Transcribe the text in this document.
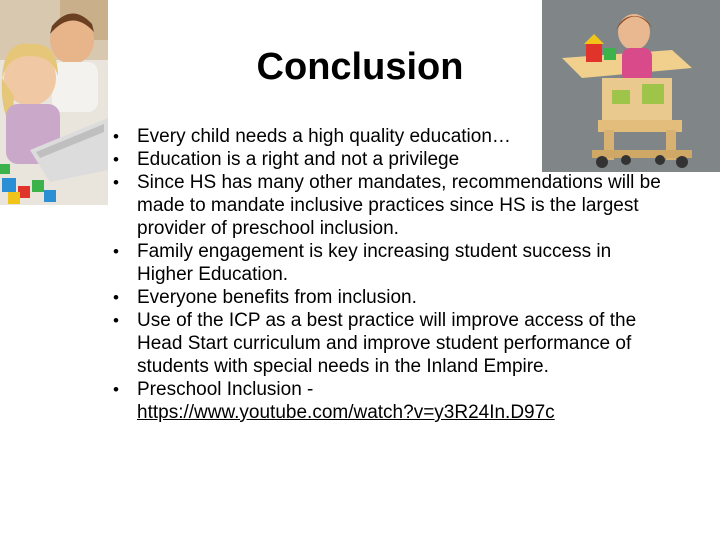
Conclusion
• Every child needs a high quality education…
• Education is a right and not a privilege
• Since HS has many other mandates, recommendations will be made to mandate inclusive practices since HS is the largest provider of preschool inclusion.
• Family engagement is key increasing student success in Higher Education.
• Everyone benefits from inclusion.
• Use of the ICP as a best practice will improve access of the Head Start curriculum and improve student performance of students with special needs in the Inland Empire.
• Preschool Inclusion -
https://www.youtube.com/watch?v=y3R24In.D97c
